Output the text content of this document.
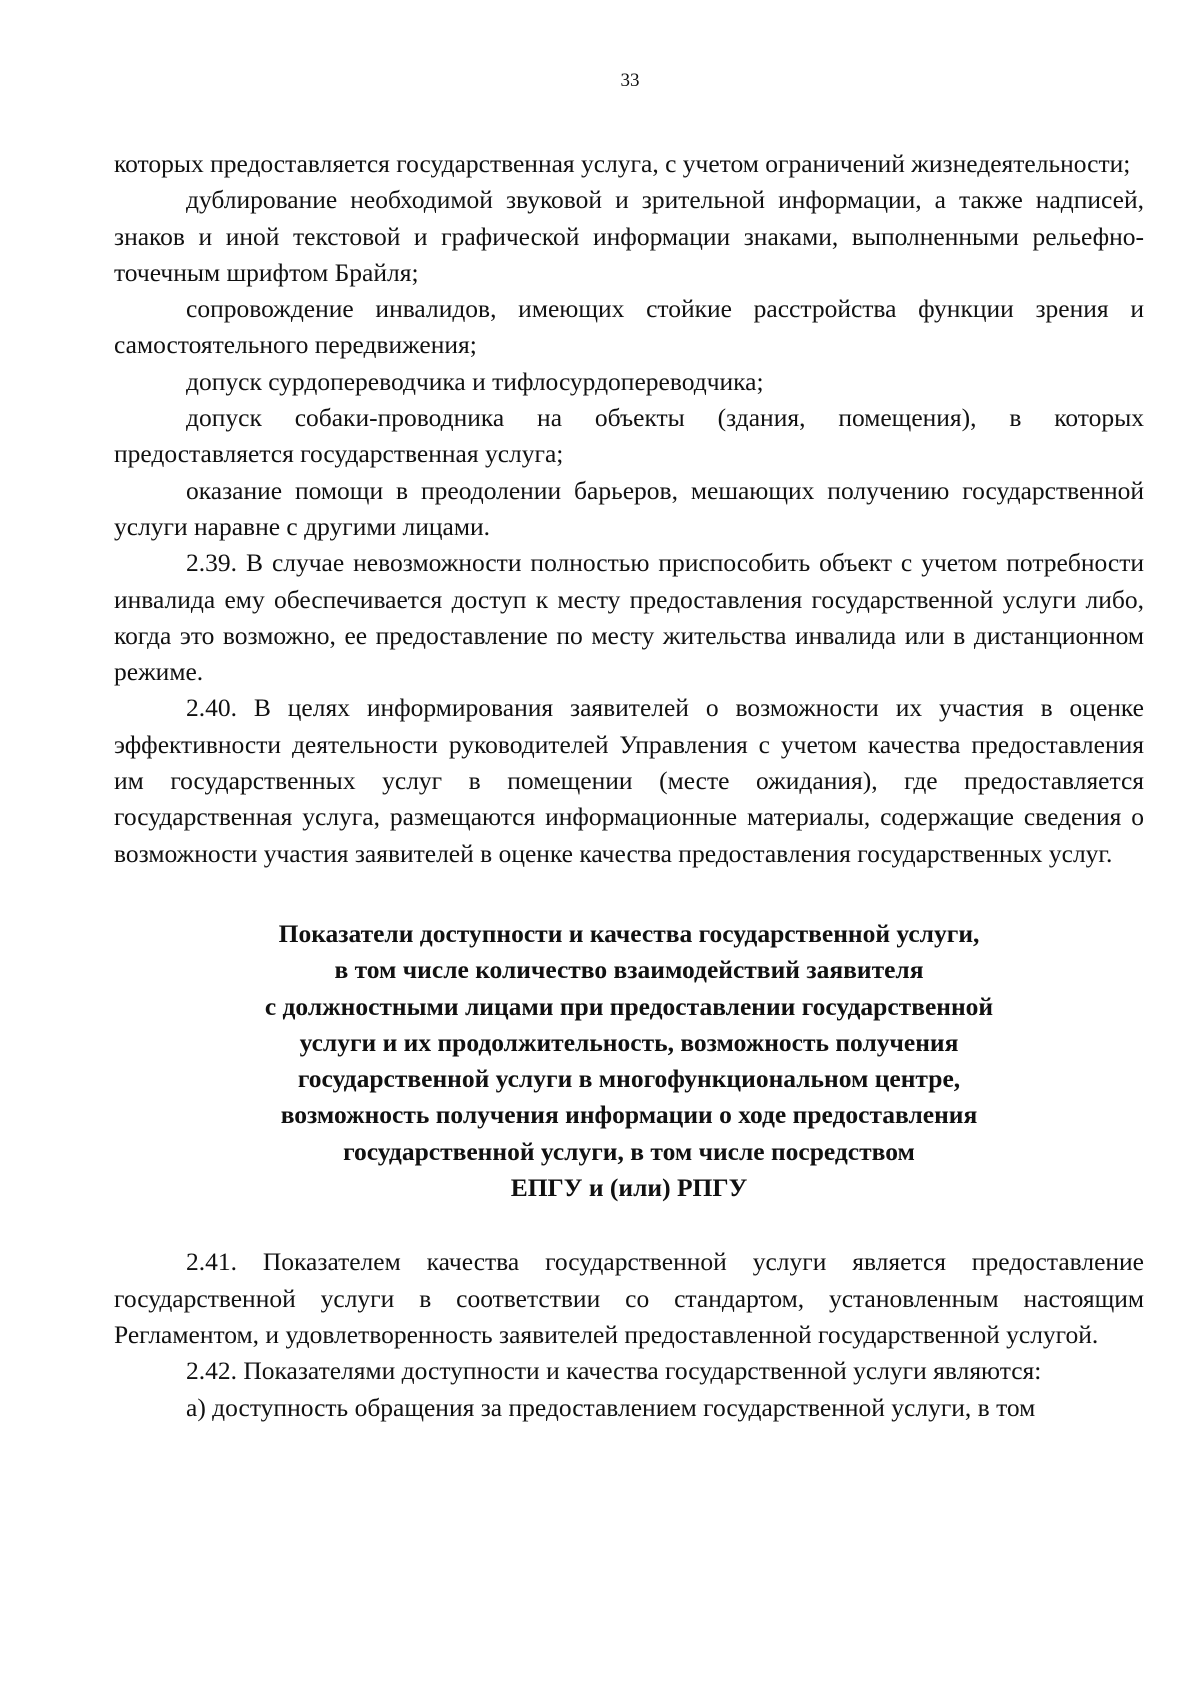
33

которых предоставляется государственная услуга, с учетом ограничений жизнедеятельности;

дублирование необходимой звуковой и зрительной информации, а также надписей, знаков и иной текстовой и графической информации знаками, выполненными рельефно-точечным шрифтом Брайля;

сопровождение инвалидов, имеющих стойкие расстройства функции зрения и самостоятельного передвижения;

допуск сурдопереводчика и тифлосурдопереводчика;

допуск собаки-проводника на объекты (здания, помещения), в которых предоставляется государственная услуга;

оказание помощи в преодолении барьеров, мешающих получению государственной услуги наравне с другими лицами.

2.39. В случае невозможности полностью приспособить объект с учетом потребности инвалида ему обеспечивается доступ к месту предоставления государственной услуги либо, когда это возможно, ее предоставление по месту жительства инвалида или в дистанционном режиме.

2.40. В целях информирования заявителей о возможности их участия в оценке эффективности деятельности руководителей Управления с учетом качества предоставления им государственных услуг в помещении (месте ожидания), где предоставляется государственная услуга, размещаются информационные материалы, содержащие сведения о возможности участия заявителей в оценке качества предоставления государственных услуг.

Показатели доступности и качества государственной услуги,
в том числе количество взаимодействий заявителя
с должностными лицами при предоставлении государственной
услуги и их продолжительность, возможность получения
государственной услуги в многофункциональном центре,
возможность получения информации о ходе предоставления
государственной услуги, в том числе посредством
ЕПГУ и (или) РПГУ

2.41. Показателем качества государственной услуги является предоставление государственной услуги в соответствии со стандартом, установленным настоящим Регламентом, и удовлетворенность заявителей предоставленной государственной услугой.

2.42. Показателями доступности и качества государственной услуги являются:

а) доступность обращения за предоставлением государственной услуги, в том
